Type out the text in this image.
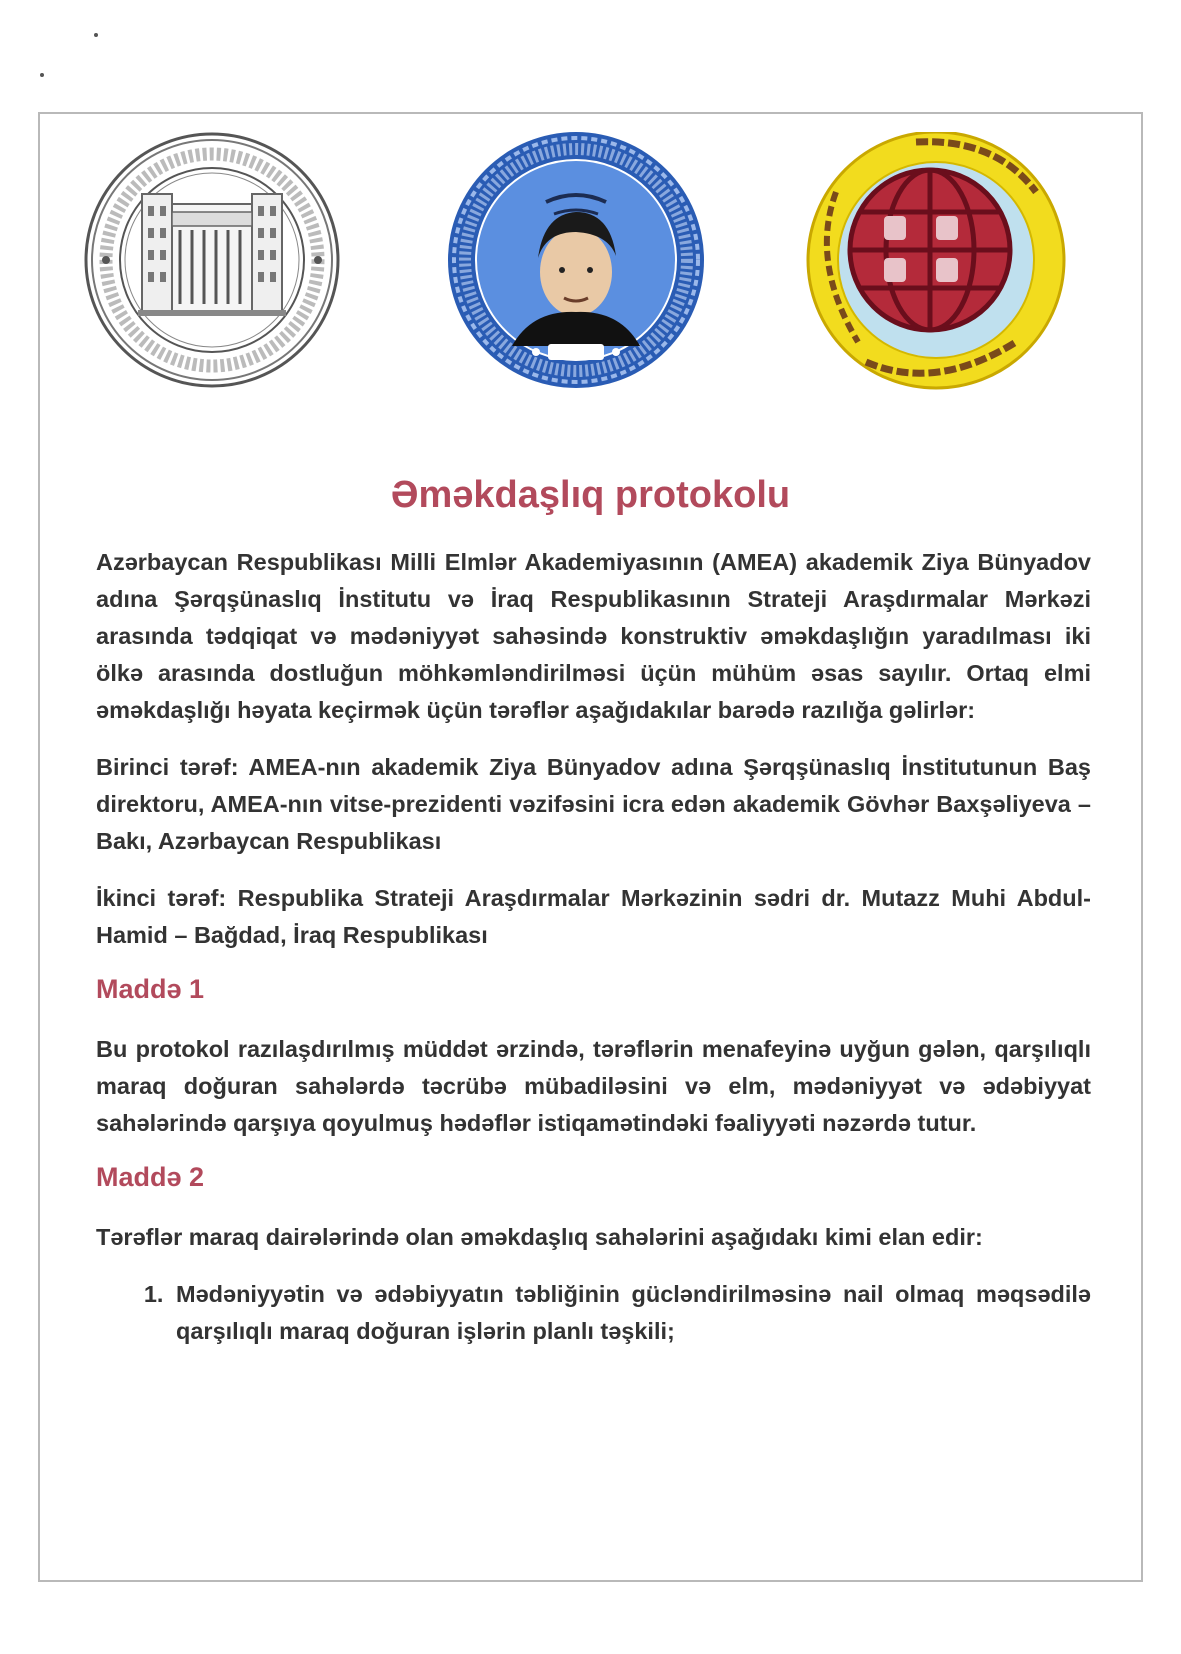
Əməkdaşlıq protokolu

Azərbaycan Respublikası Milli Elmlər Akademiyasının (AMEA) akademik Ziya Bünyadov adına Şərqşünaslıq İnstitutu və İraq Respublikasının Strateji Araşdırmalar Mərkəzi arasında tədqiqat və mədəniyyət sahəsində konstruktiv əməkdaşlığın yaradılması iki ölkə arasında dostluğun möhkəmləndirilməsi üçün mühüm əsas sayılır. Ortaq elmi əməkdaşlığı həyata keçirmək üçün tərəflər aşağıdakılar barədə razılığa gəlirlər:

Birinci tərəf: AMEA-nın akademik Ziya Bünyadov adına Şərqşünaslıq İnstitutunun Baş direktoru, AMEA-nın vitse-prezidenti vəzifəsini icra edən akademik Gövhər Baxşəliyeva – Bakı, Azərbaycan Respublikası

İkinci tərəf: Respublika Strateji Araşdırmalar Mərkəzinin sədri dr. Mutazz Muhi Abdul-Hamid – Bağdad, İraq Respublikası

Maddə 1

Bu protokol razılaşdırılmış müddət ərzində, tərəflərin menafeyinə uyğun gələn, qarşılıqlı maraq doğuran sahələrdə təcrübə mübadiləsini və elm, mədəniyyət və ədəbiyyat sahələrində qarşıya qoyulmuş hədəflər istiqamətindəki fəaliyyəti nəzərdə tutur.

Maddə 2

Tərəflər maraq dairələrində olan əməkdaşlıq sahələrini aşağıdakı kimi elan edir:

1. Mədəniyyətin və ədəbiyyatın təbliğinin gücləndirilməsinə nail olmaq məqsədilə qarşılıqlı maraq doğuran işlərin planlı təşkili;
